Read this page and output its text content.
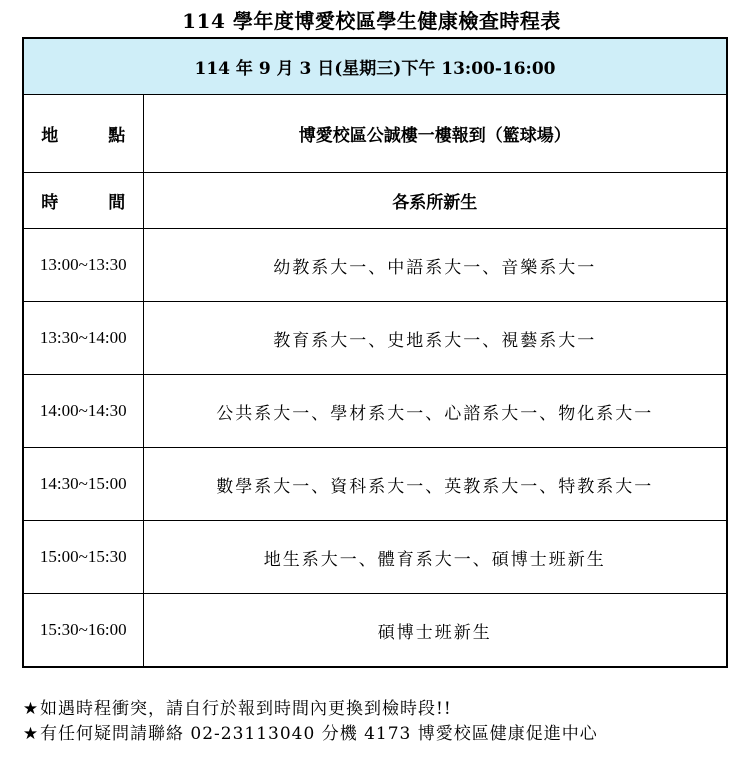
114 學年度博愛校區學生健康檢查時程表
114 年 9 月 3 日(星期三)下午 13:00-16:00	
地　點	博愛校區公誠樓一樓報到（籃球場）
時　間	各系所新生
13:00~13:30	幼教系大一、中語系大一、音樂系大一
13:30~14:00	教育系大一、史地系大一、視藝系大一
14:00~14:30	公共系大一、學材系大一、心諮系大一、物化系大一
14:30~15:00	數學系大一、資科系大一、英教系大一、特教系大一
15:00~15:30	地生系大一、體育系大一、碩博士班新生
15:30~16:00	碩博士班新生
★如遇時程衝突，請自行於報到時間內更換到檢時段!!
★有任何疑問請聯絡 02-23113040 分機 4173 博愛校區健康促進中心
